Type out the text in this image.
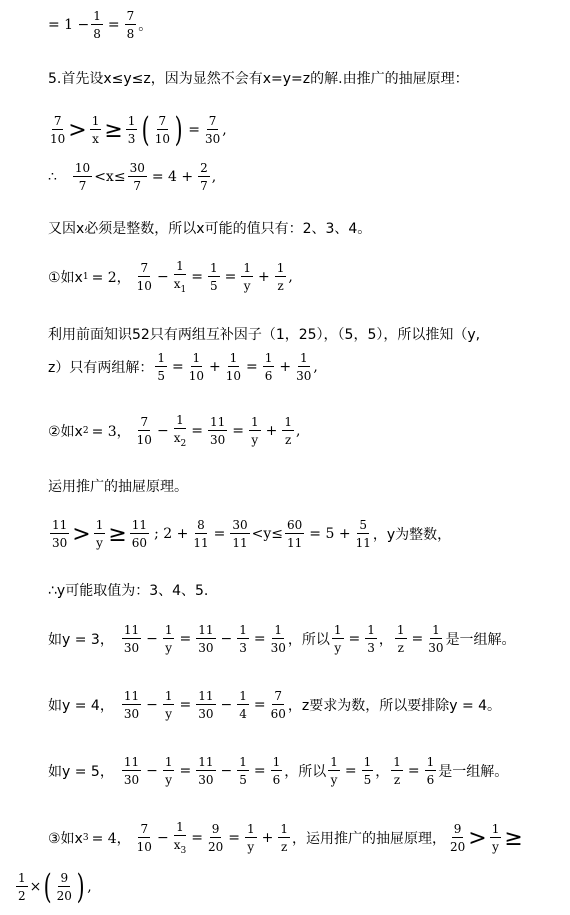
= $1 - \frac{1}{8} = \frac{7}{8}$ 。
5.首先设x≤y≤z，因为显然不会有x=y=z的解.由推广的抽屉原理：
$\frac{7}{10} > \frac{1}{x} \ge \frac{1}{3}$ ( $\frac{7}{10}$ ) = $\frac{7}{30}$ ,
∴ $\frac{10}{7} <x\le \frac{30}{7} = 4 + \frac{2}{7}$ ,
又因x必须是整数，所以x可能的值只有：2、3、4。
①如x 1 = 2， $\frac{7}{10} - \frac{1}{x_1} = \frac{1}{5} = \frac{1}{y} + \frac{1}{z}$ ,
利用前面知识52只有两组互补因子（1，25），（5，5），所以推知（y,
z）只有两组解： $\frac{1}{5} = \frac{1}{10} + \frac{1}{10} = \frac{1}{6} + \frac{1}{30}$ ,
②如x 2 = 3， $\frac{7}{10} - \frac{1}{x_2} = \frac{11}{30} = \frac{1}{y} + \frac{1}{z}$ ,
运用推广的抽屉原理。
$\frac{11}{30} > \frac{1}{y} \ge \frac{11}{60}$ ; $2 + \frac{8}{11} = \frac{30}{11} <y\le \frac{60}{11} = 5 + \frac{5}{11}$ ，y为整数，
∴y可能取值为：3、4、5.
如y = 3， $\frac{11}{30} - \frac{1}{y} = \frac{11}{30} - \frac{1}{3} = \frac{1}{30}$ ，所以 $\frac{1}{y} = \frac{1}{3}$ ， $\frac{1}{z} = \frac{1}{30}$ 是一组解。
如y = 4， $\frac{11}{30} - \frac{1}{y} = \frac{11}{30} - \frac{1}{4} = \frac{7}{60}$ ，z要求为数，所以要排除y = 4。
如y = 5， $\frac{11}{30} - \frac{1}{y} = \frac{11}{30} - \frac{1}{5} = \frac{1}{6}$ ，所以 $\frac{1}{y} = \frac{1}{5}$ ， $\frac{1}{z} = \frac{1}{6}$ 是一组解。
③如x 3 = 4， $\frac{7}{10} - \frac{1}{x_3} = \frac{9}{20} = \frac{1}{y} + \frac{1}{z}$ ，运用推广的抽屉原理， $\frac{9}{20} > \frac{1}{y}$ ≥
$\frac{1}{2}$ × ( $\frac{9}{20}$ ) ,
